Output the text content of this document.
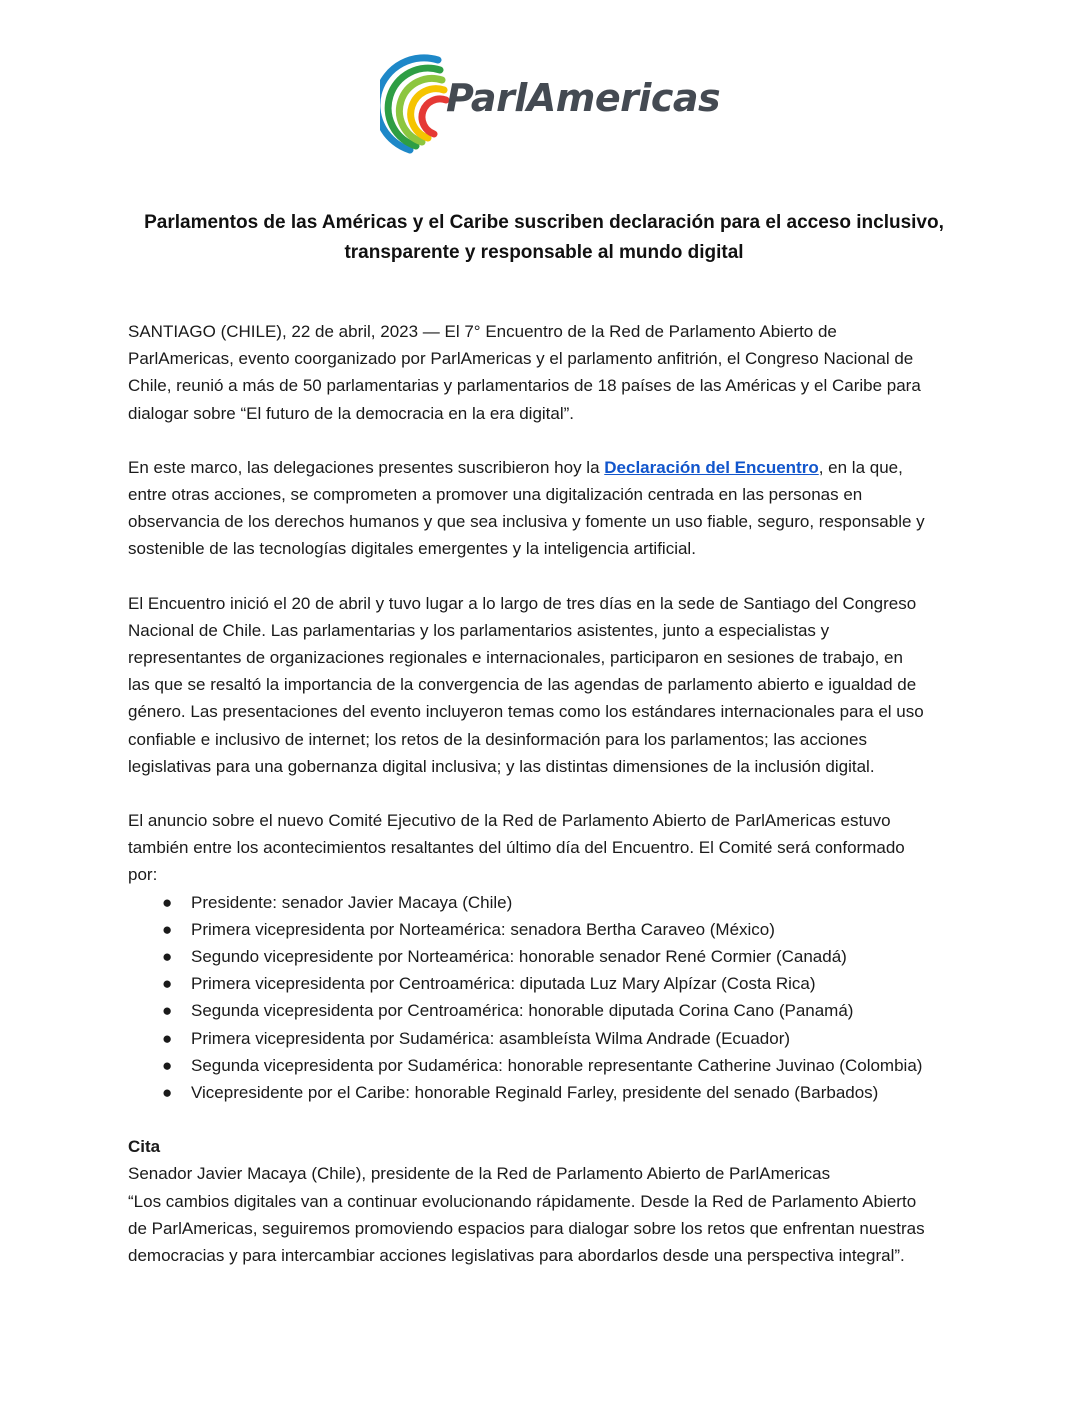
ParlAmericas
Parlamentos de las Américas y el Caribe suscriben declaración para el acceso inclusivo,
transparente y responsable al mundo digital
SANTIAGO (CHILE), 22 de abril, 2023 — El 7° Encuentro de la Red de Parlamento Abierto de
ParlAmericas, evento coorganizado por ParlAmericas y el parlamento anfitrión, el Congreso Nacional de
Chile, reunió a más de 50 parlamentarias y parlamentarios de 18 países de las Américas y el Caribe para
dialogar sobre “El futuro de la democracia en la era digital”.
En este marco, las delegaciones presentes suscribieron hoy la Declaración del Encuentro, en la que,
entre otras acciones, se comprometen a promover una digitalización centrada en las personas en
observancia de los derechos humanos y que sea inclusiva y fomente un uso fiable, seguro, responsable y
sostenible de las tecnologías digitales emergentes y la inteligencia artificial.
El Encuentro inició el 20 de abril y tuvo lugar a lo largo de tres días en la sede de Santiago del Congreso
Nacional de Chile. Las parlamentarias y los parlamentarios asistentes, junto a especialistas y
representantes de organizaciones regionales e internacionales, participaron en sesiones de trabajo, en
las que se resaltó la importancia de la convergencia de las agendas de parlamento abierto e igualdad de
género. Las presentaciones del evento incluyeron temas como los estándares internacionales para el uso
confiable e inclusivo de internet; los retos de la desinformación para los parlamentos; las acciones
legislativas para una gobernanza digital inclusiva; y las distintas dimensiones de la inclusión digital.
El anuncio sobre el nuevo Comité Ejecutivo de la Red de Parlamento Abierto de ParlAmericas estuvo
también entre los acontecimientos resaltantes del último día del Encuentro. El Comité será conformado
por:
● Presidente: senador Javier Macaya (Chile)
● Primera vicepresidenta por Norteamérica: senadora Bertha Caraveo (México)
● Segundo vicepresidente por Norteamérica: honorable senador René Cormier (Canadá)
● Primera vicepresidenta por Centroamérica: diputada Luz Mary Alpízar (Costa Rica)
● Segunda vicepresidenta por Centroamérica: honorable diputada Corina Cano (Panamá)
● Primera vicepresidenta por Sudamérica: asambleísta Wilma Andrade (Ecuador)
● Segunda vicepresidenta por Sudamérica: honorable representante Catherine Juvinao (Colombia)
● Vicepresidente por el Caribe: honorable Reginald Farley, presidente del senado (Barbados)
Cita
Senador Javier Macaya (Chile), presidente de la Red de Parlamento Abierto de ParlAmericas
“Los cambios digitales van a continuar evolucionando rápidamente. Desde la Red de Parlamento Abierto
de ParlAmericas, seguiremos promoviendo espacios para dialogar sobre los retos que enfrentan nuestras
democracias y para intercambiar acciones legislativas para abordarlos desde una perspectiva integral”.
